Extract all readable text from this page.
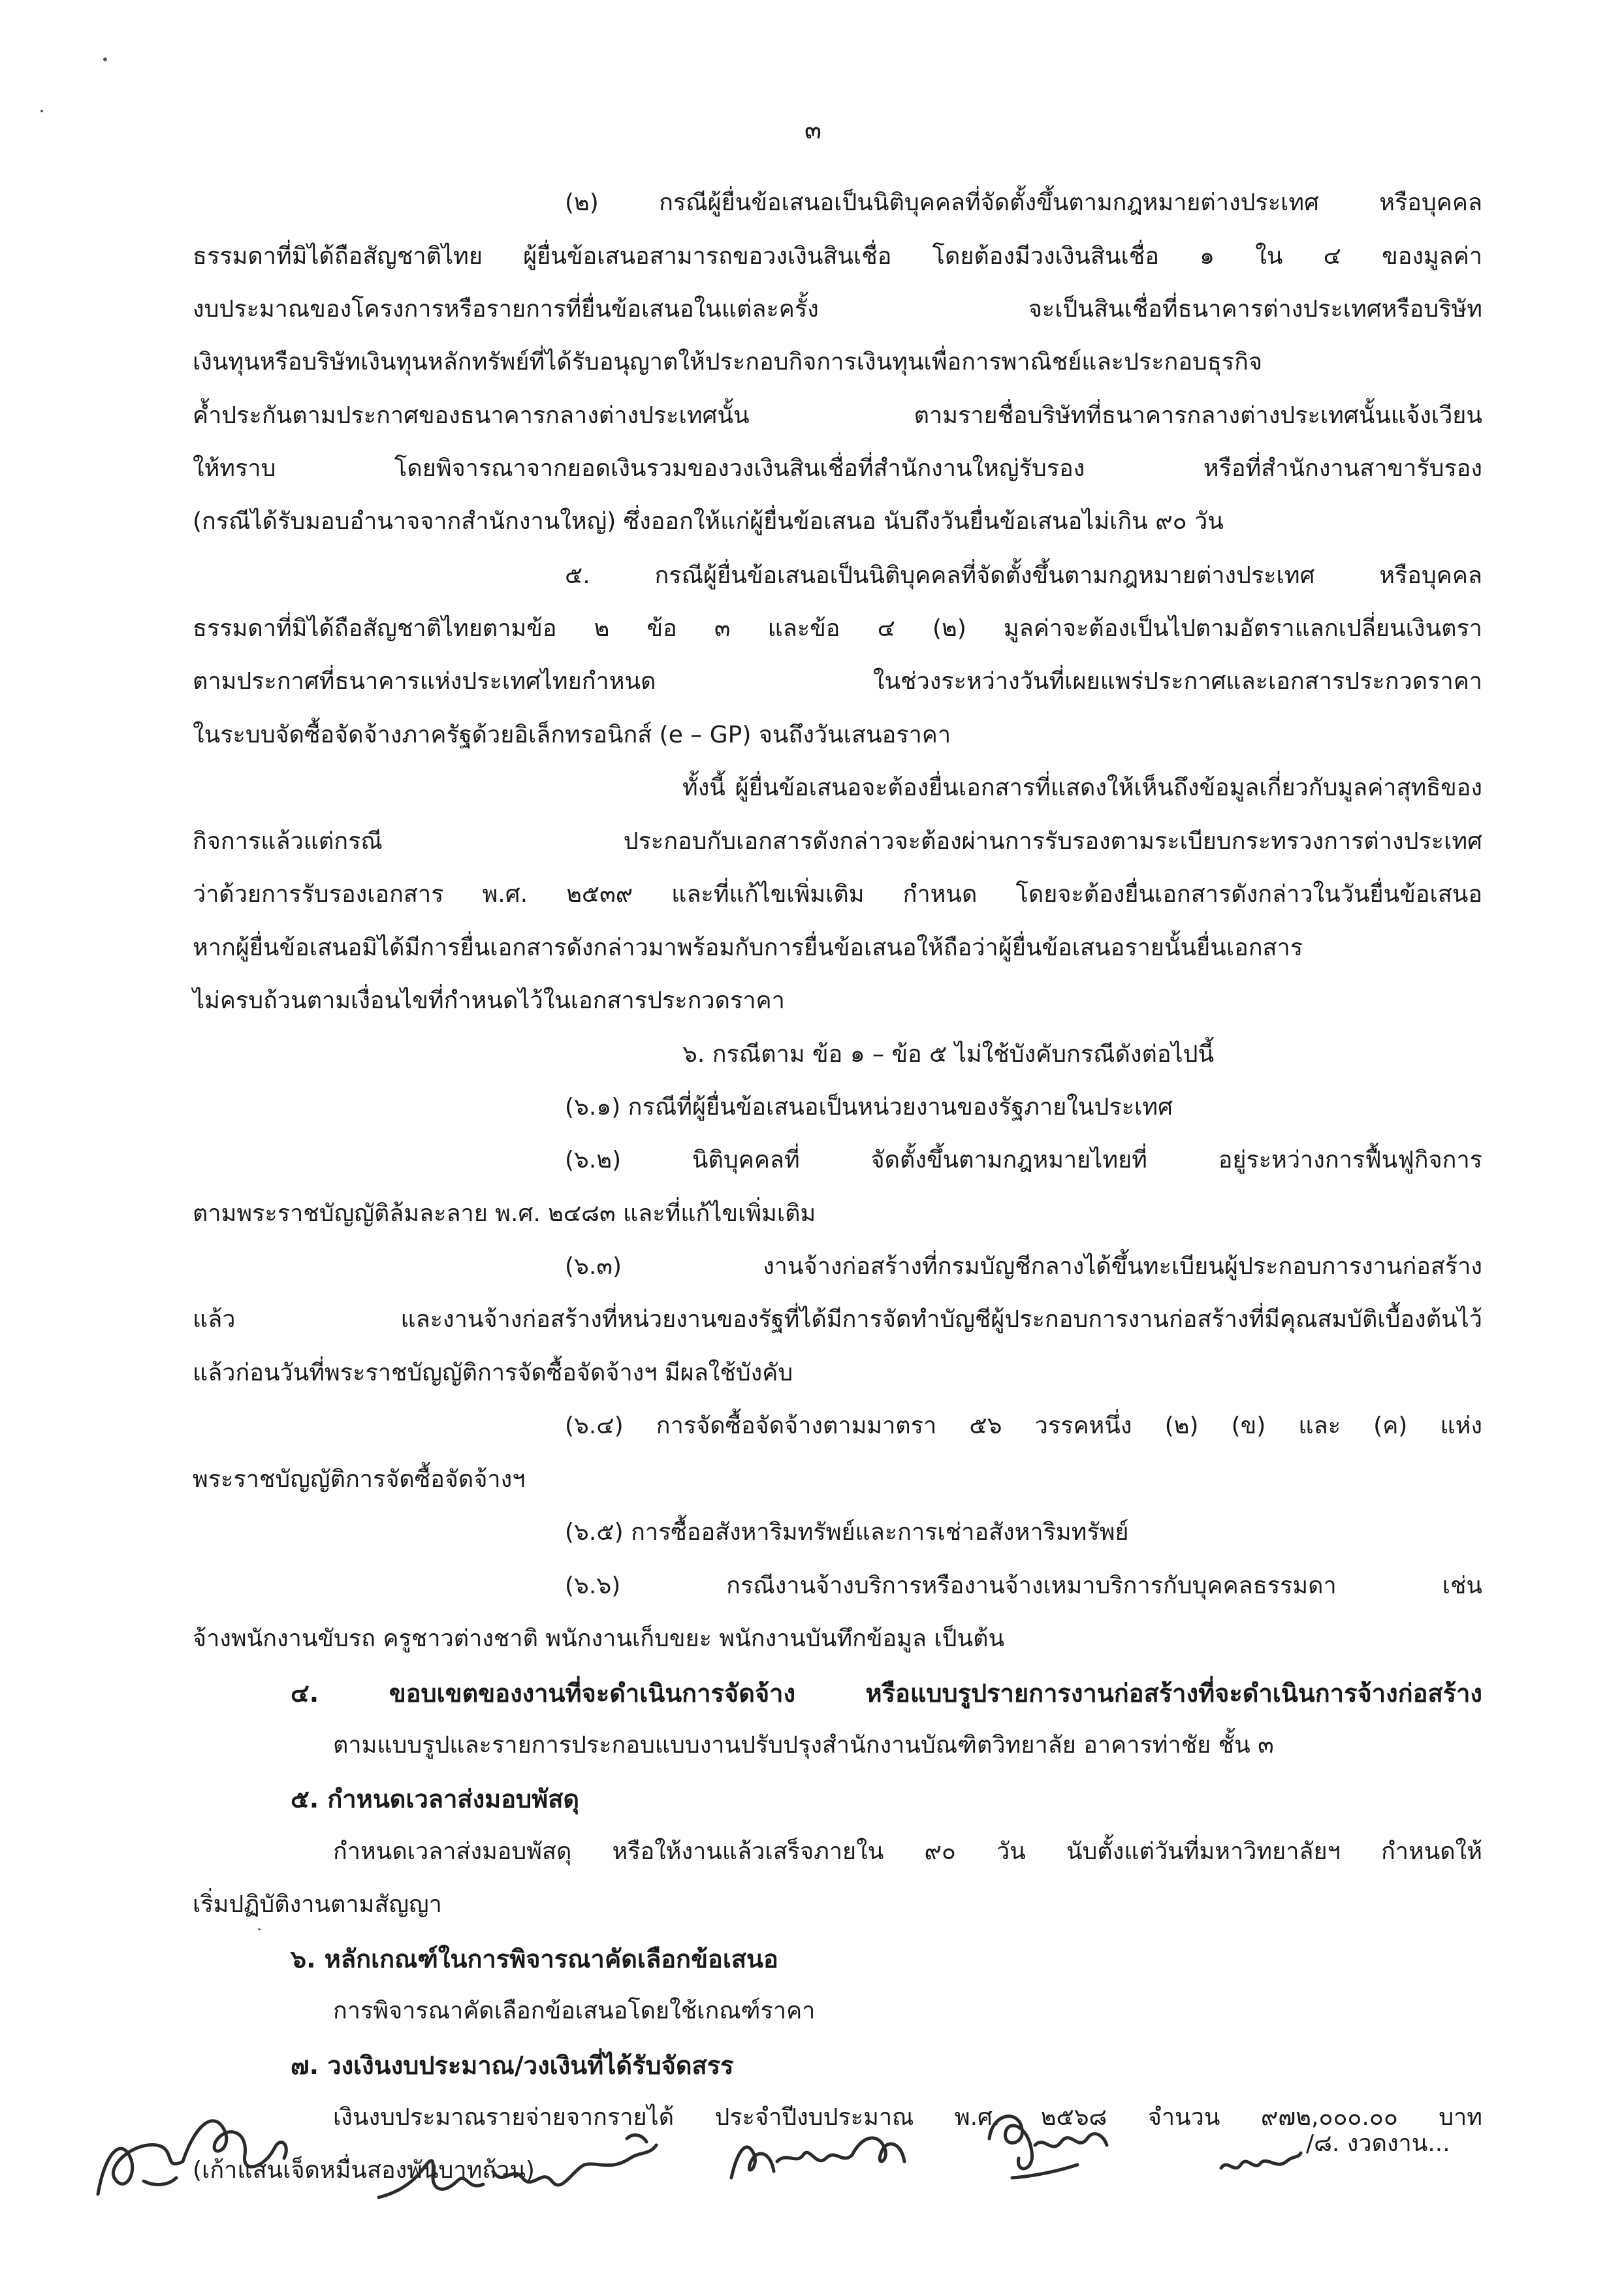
๓
(๒) กรณีผู้ยื่นข้อเสนอเป็นนิติบุคคลที่จัดตั้งขึ้นตามกฎหมายต่างประเทศ หรือบุคคล
ธรรมดาที่มิได้ถือสัญชาติไทย ผู้ยื่นข้อเสนอสามารถขอวงเงินสินเชื่อ โดยต้องมีวงเงินสินเชื่อ ๑ ใน ๔ ของมูลค่า
งบประมาณของโครงการหรือรายการที่ยื่นข้อเสนอในแต่ละครั้ง จะเป็นสินเชื่อที่ธนาคารต่างประเทศหรือบริษัท
เงินทุนหรือบริษัทเงินทุนหลักทรัพย์ที่ได้รับอนุญาตให้ประกอบกิจการเงินทุนเพื่อการพาณิชย์และประกอบธุรกิจ
ค้ำประกันตามประกาศของธนาคารกลางต่างประเทศนั้น ตามรายชื่อบริษัทที่ธนาคารกลางต่างประเทศนั้นแจ้งเวียน
ให้ทราบ โดยพิจารณาจากยอดเงินรวมของวงเงินสินเชื่อที่สำนักงานใหญ่รับรอง หรือที่สำนักงานสาขารับรอง
(กรณีได้รับมอบอำนาจจากสำนักงานใหญ่) ซึ่งออกให้แก่ผู้ยื่นข้อเสนอ นับถึงวันยื่นข้อเสนอไม่เกิน ๙๐ วัน
๕. กรณีผู้ยื่นข้อเสนอเป็นนิติบุคคลที่จัดตั้งขึ้นตามกฎหมายต่างประเทศ หรือบุคคล
ธรรมดาที่มิได้ถือสัญชาติไทยตามข้อ ๒ ข้อ ๓ และข้อ ๔ (๒) มูลค่าจะต้องเป็นไปตามอัตราแลกเปลี่ยนเงินตรา
ตามประกาศที่ธนาคารแห่งประเทศไทยกำหนด ในช่วงระหว่างวันที่เผยแพร่ประกาศและเอกสารประกวดราคา
ในระบบจัดซื้อจัดจ้างภาครัฐด้วยอิเล็กทรอนิกส์ (e – GP) จนถึงวันเสนอราคา
ทั้งนี้ ผู้ยื่นข้อเสนอจะต้องยื่นเอกสารที่แสดงให้เห็นถึงข้อมูลเกี่ยวกับมูลค่าสุทธิของ
กิจการแล้วแต่กรณี ประกอบกับเอกสารดังกล่าวจะต้องผ่านการรับรองตามระเบียบกระทรวงการต่างประเทศ
ว่าด้วยการรับรองเอกสาร พ.ศ. ๒๕๓๙ และที่แก้ไขเพิ่มเติม กำหนด โดยจะต้องยื่นเอกสารดังกล่าวในวันยื่นข้อเสนอ
หากผู้ยื่นข้อเสนอมิได้มีการยื่นเอกสารดังกล่าวมาพร้อมกับการยื่นข้อเสนอให้ถือว่าผู้ยื่นข้อเสนอรายนั้นยื่นเอกสาร
ไม่ครบถ้วนตามเงื่อนไขที่กำหนดไว้ในเอกสารประกวดราคา
๖. กรณีตาม ข้อ ๑ – ข้อ ๕ ไม่ใช้บังคับกรณีดังต่อไปนี้
(๖.๑) กรณีที่ผู้ยื่นข้อเสนอเป็นหน่วยงานของรัฐภายในประเทศ
(๖.๒) นิติบุคคลที่ จัดตั้งขึ้นตามกฎหมายไทยที่ อยู่ระหว่างการฟื้นฟูกิจการ
ตามพระราชบัญญัติล้มละลาย พ.ศ. ๒๔๘๓ และที่แก้ไขเพิ่มเติม
(๖.๓) งานจ้างก่อสร้างที่กรมบัญชีกลางได้ขึ้นทะเบียนผู้ประกอบการงานก่อสร้าง
แล้ว และงานจ้างก่อสร้างที่หน่วยงานของรัฐที่ได้มีการจัดทำบัญชีผู้ประกอบการงานก่อสร้างที่มีคุณสมบัติเบื้องต้นไว้
แล้วก่อนวันที่พระราชบัญญัติการจัดซื้อจัดจ้างฯ มีผลใช้บังคับ
(๖.๔) การจัดซื้อจัดจ้างตามมาตรา ๕๖ วรรคหนึ่ง (๒) (ข) และ (ค) แห่ง
พระราชบัญญัติการจัดซื้อจัดจ้างฯ
(๖.๕) การซื้ออสังหาริมทรัพย์และการเช่าอสังหาริมทรัพย์
(๖.๖) กรณีงานจ้างบริการหรืองานจ้างเหมาบริการกับบุคคลธรรมดา เช่น
จ้างพนักงานขับรถ ครูชาวต่างชาติ พนักงานเก็บขยะ พนักงานบันทึกข้อมูล เป็นต้น
๔. ขอบเขตของงานที่จะดำเนินการจัดจ้าง หรือแบบรูปรายการงานก่อสร้างที่จะดำเนินการจ้างก่อสร้าง
ตามแบบรูปและรายการประกอบแบบงานปรับปรุงสำนักงานบัณฑิตวิทยาลัย อาคารท่าชัย ชั้น ๓
๕. กำหนดเวลาส่งมอบพัสดุ
กำหนดเวลาส่งมอบพัสดุ หรือให้งานแล้วเสร็จภายใน ๙๐ วัน นับตั้งแต่วันที่มหาวิทยาลัยฯ กำหนดให้
เริ่มปฏิบัติงานตามสัญญา
๖. หลักเกณฑ์ในการพิจารณาคัดเลือกข้อเสนอ
การพิจารณาคัดเลือกข้อเสนอโดยใช้เกณฑ์ราคา
๗. วงเงินงบประมาณ/วงเงินที่ได้รับจัดสรร
เงินงบประมาณรายจ่ายจากรายได้ ประจำปีงบประมาณ พ.ศ. ๒๕๖๘ จำนวน ๙๗๒,๐๐๐.๐๐ บาท
(เก้าแสนเจ็ดหมื่นสองพันบาทถ้วน)
/๘. งวดงาน...
